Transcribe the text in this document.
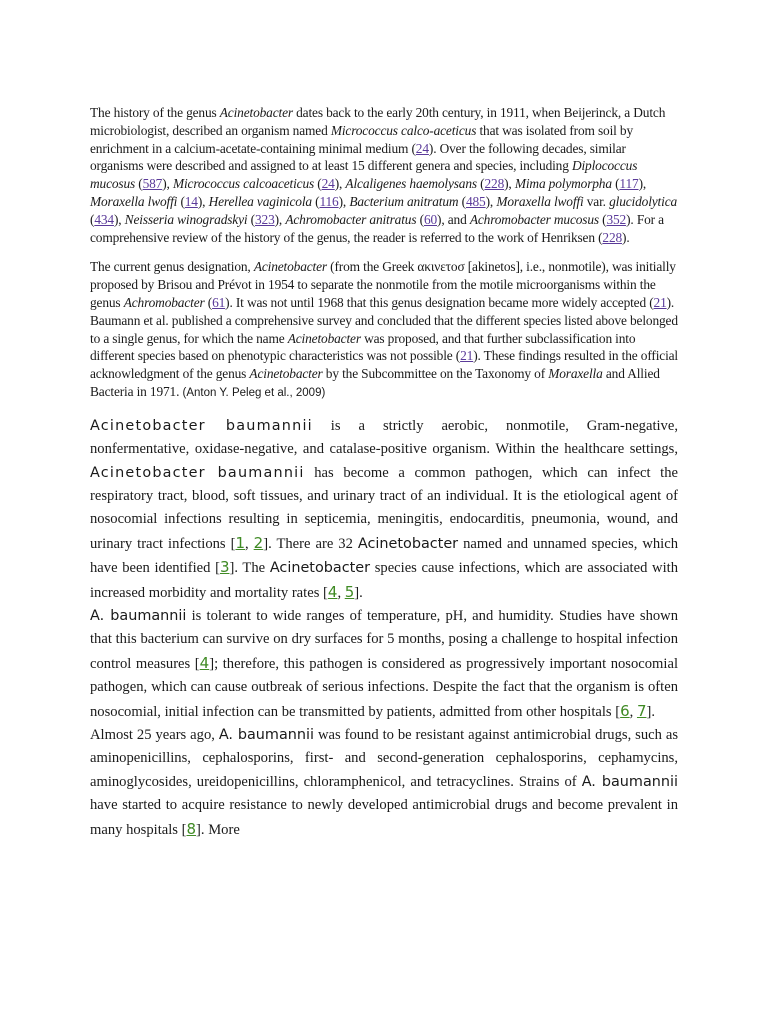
The history of the genus Acinetobacter dates back to the early 20th century, in 1911, when Beijerinck, a Dutch microbiologist, described an organism named Micrococcus calco-aceticus that was isolated from soil by enrichment in a calcium-acetate-containing minimal medium (24). Over the following decades, similar organisms were described and assigned to at least 15 different genera and species, including Diplococcus mucosus (587), Micrococcus calcoaceticus (24), Alcaligenes haemolysans (228), Mima polymorpha (117), Moraxella lwoffi (14), Herellea vaginicola (116), Bacterium anitratum (485), Moraxella lwoffi var. glucidolytica (434), Neisseria winogradskyi (323), Achromobacter anitratus (60), and Achromobacter mucosus (352). For a comprehensive review of the history of the genus, the reader is referred to the work of Henriksen (228).

The current genus designation, Acinetobacter (from the Greek ακινετοσ [akinetos], i.e., nonmotile), was initially proposed by Brisou and Prévot in 1954 to separate the nonmotile from the motile microorganisms within the genus Achromobacter (61). It was not until 1968 that this genus designation became more widely accepted (21). Baumann et al. published a comprehensive survey and concluded that the different species listed above belonged to a single genus, for which the name Acinetobacter was proposed, and that further subclassification into different species based on phenotypic characteristics was not possible (21). These findings resulted in the official acknowledgment of the genus Acinetobacter by the Subcommittee on the Taxonomy of Moraxella and Allied Bacteria in 1971. (Anton Y. Peleg et al., 2009)

Acinetobacter baumannii is a strictly aerobic, nonmotile, Gram-negative, nonfermentative, oxidase-negative, and catalase-positive organism. Within the healthcare settings, Acinetobacter baumannii has become a common pathogen, which can infect the respiratory tract, blood, soft tissues, and urinary tract of an individual. It is the etiological agent of nosocomial infections resulting in septicemia, meningitis, endocarditis, pneumonia, wound, and urinary tract infections [1, 2]. There are 32 Acinetobacter named and unnamed species, which have been identified [3]. The Acinetobacter species cause infections, which are associated with increased morbidity and mortality rates [4, 5].

A. baumannii is tolerant to wide ranges of temperature, pH, and humidity. Studies have shown that this bacterium can survive on dry surfaces for 5 months, posing a challenge to hospital infection control measures [4]; therefore, this pathogen is considered as progressively important nosocomial pathogen, which can cause outbreak of serious infections. Despite the fact that the organism is often nosocomial, initial infection can be transmitted by patients, admitted from other hospitals [6, 7].

Almost 25 years ago, A. baumannii was found to be resistant against antimicrobial drugs, such as aminopenicillins, cephalosporins, first- and second-generation cephalosporins, cephamycins, aminoglycosides, ureidopenicillins, chloramphenicol, and tetracyclines. Strains of A. baumannii have started to acquire resistance to newly developed antimicrobial drugs and become prevalent in many hospitals [8]. More
